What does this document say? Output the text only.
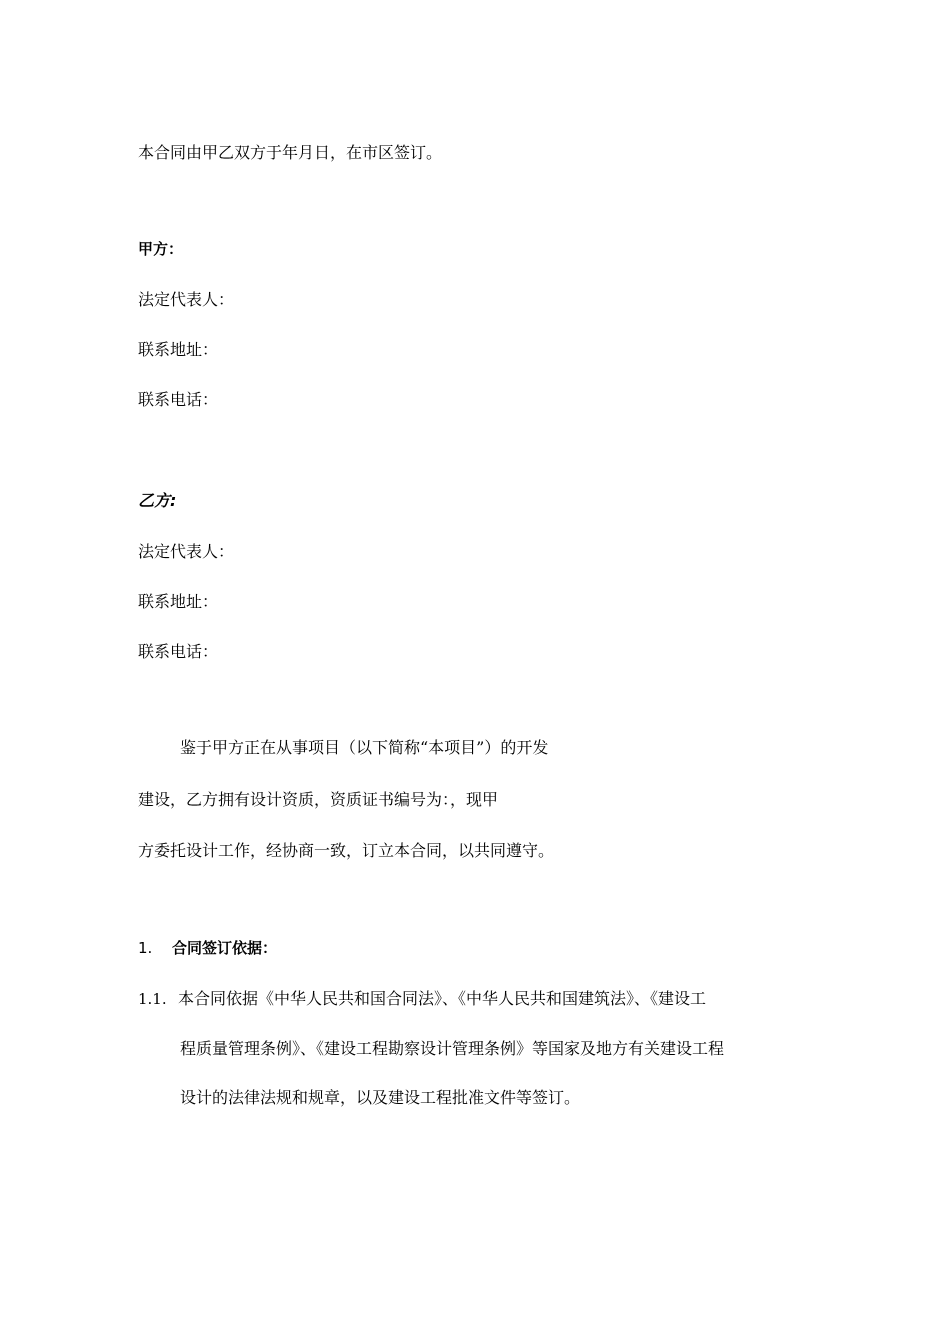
本合同由甲乙双方于年月日，在市区签订。
甲方：
法定代表人：
联系地址：
联系电话：
乙方:
法定代表人：
联系地址：
联系电话：
鉴于甲方正在从事项目（以下简称“本项目”）的开发
建设，乙方拥有设计资质，资质证书编号为：，现甲
方委托设计工作，经协商一致，订立本合同，以共同遵守。
1. 合同签订依据：
1.1. 本合同依据《中华人民共和国合同法》、《中华人民共和国建筑法》、《建设工
程质量管理条例》、《建设工程勘察设计管理条例》等国家及地方有关建设工程
设计的法律法规和规章，以及建设工程批准文件等签订。
